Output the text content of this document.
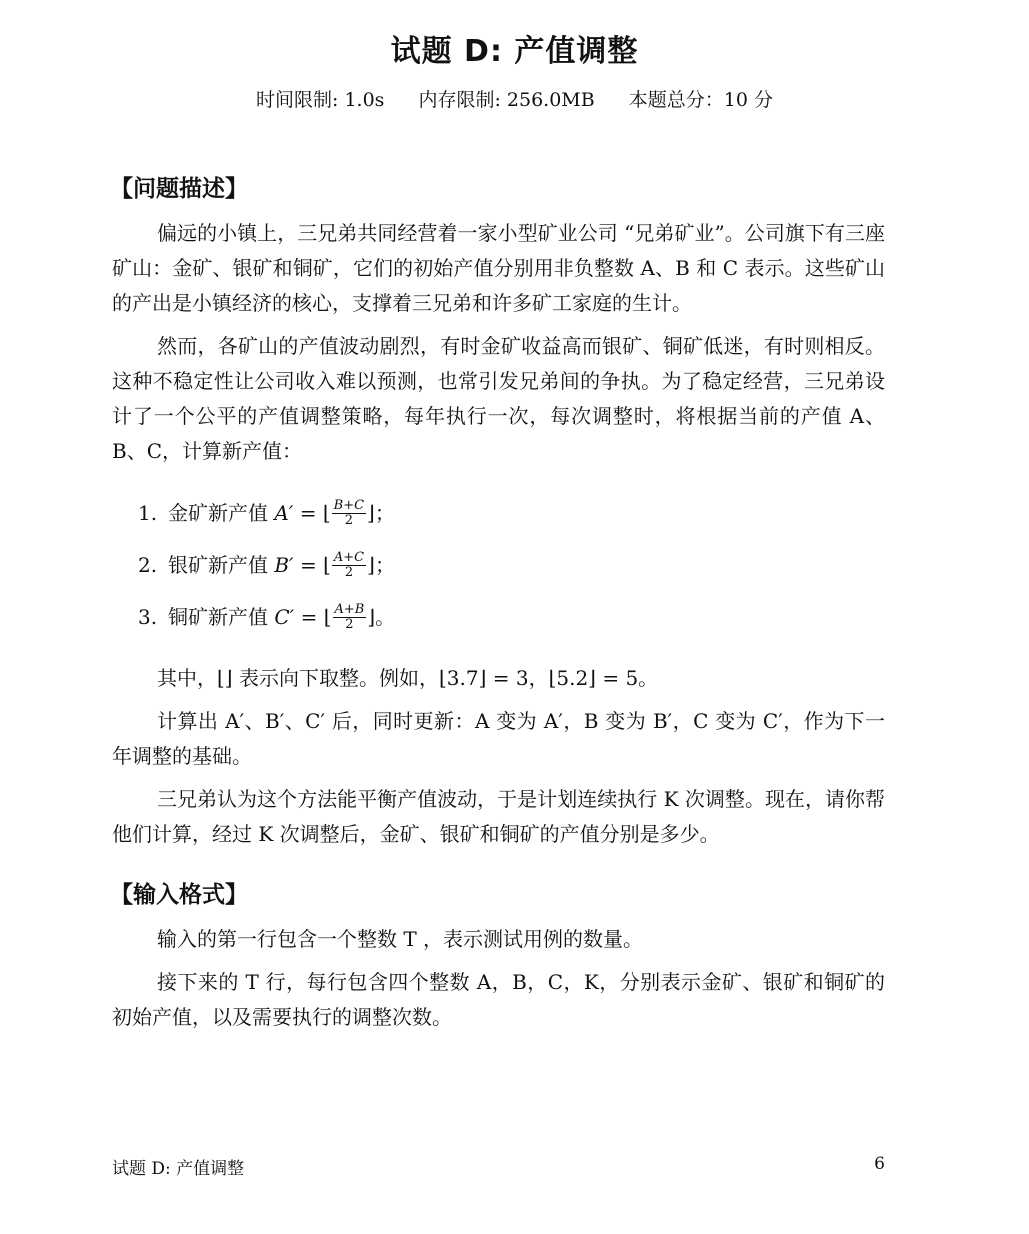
试题 D: 产值调整
时间限制: 1.0s 内存限制: 256.0MB 本题总分：10 分
【问题描述】

偏远的小镇上，三兄弟共同经营着一家小型矿业公司 “兄弟矿业”。公司旗下有三座矿山：金矿、银矿和铜矿，它们的初始产值分别用非负整数 A、B 和 C 表示。这些矿山的产出是小镇经济的核心，支撑着三兄弟和许多矿工家庭的生计。

然而，各矿山的产值波动剧烈，有时金矿收益高而银矿、铜矿低迷，有时则相反。这种不稳定性让公司收入难以预测，也常引发兄弟间的争执。为了稳定经营，三兄弟设计了一个公平的产值调整策略，每年执行一次，每次调整时，将根据当前的产值 A、B、C，计算新产值：

1. 金矿新产值
A′
=
⌊ $\frac{B+C}{2}$ ⌋ ；
2. 银矿新产值
B′
=
⌊ $\frac{A+C}{2}$ ⌋ ；
3. 铜矿新产值
C′
=
⌊ $\frac{A+B}{2}$ ⌋ 。

其中，⌊⌋ 表示向下取整。例如，⌊3.7⌋ = 3，⌊5.2⌋ = 5。

计算出 A′、B′、C′ 后，同时更新：A 变为 A′，B 变为 B′，C 变为 C′，作为下一年调整的基础。

三兄弟认为这个方法能平衡产值波动，于是计划连续执行 K 次调整。现在，请你帮他们计算，经过 K 次调整后，金矿、银矿和铜矿的产值分别是多少。

【输入格式】

输入的第一行包含一个整数 T ，表示测试用例的数量。

接下来的 T 行，每行包含四个整数 A，B，C，K，分别表示金矿、银矿和铜矿的初始产值，以及需要执行的调整次数。

试题 D: 产值调整	6
